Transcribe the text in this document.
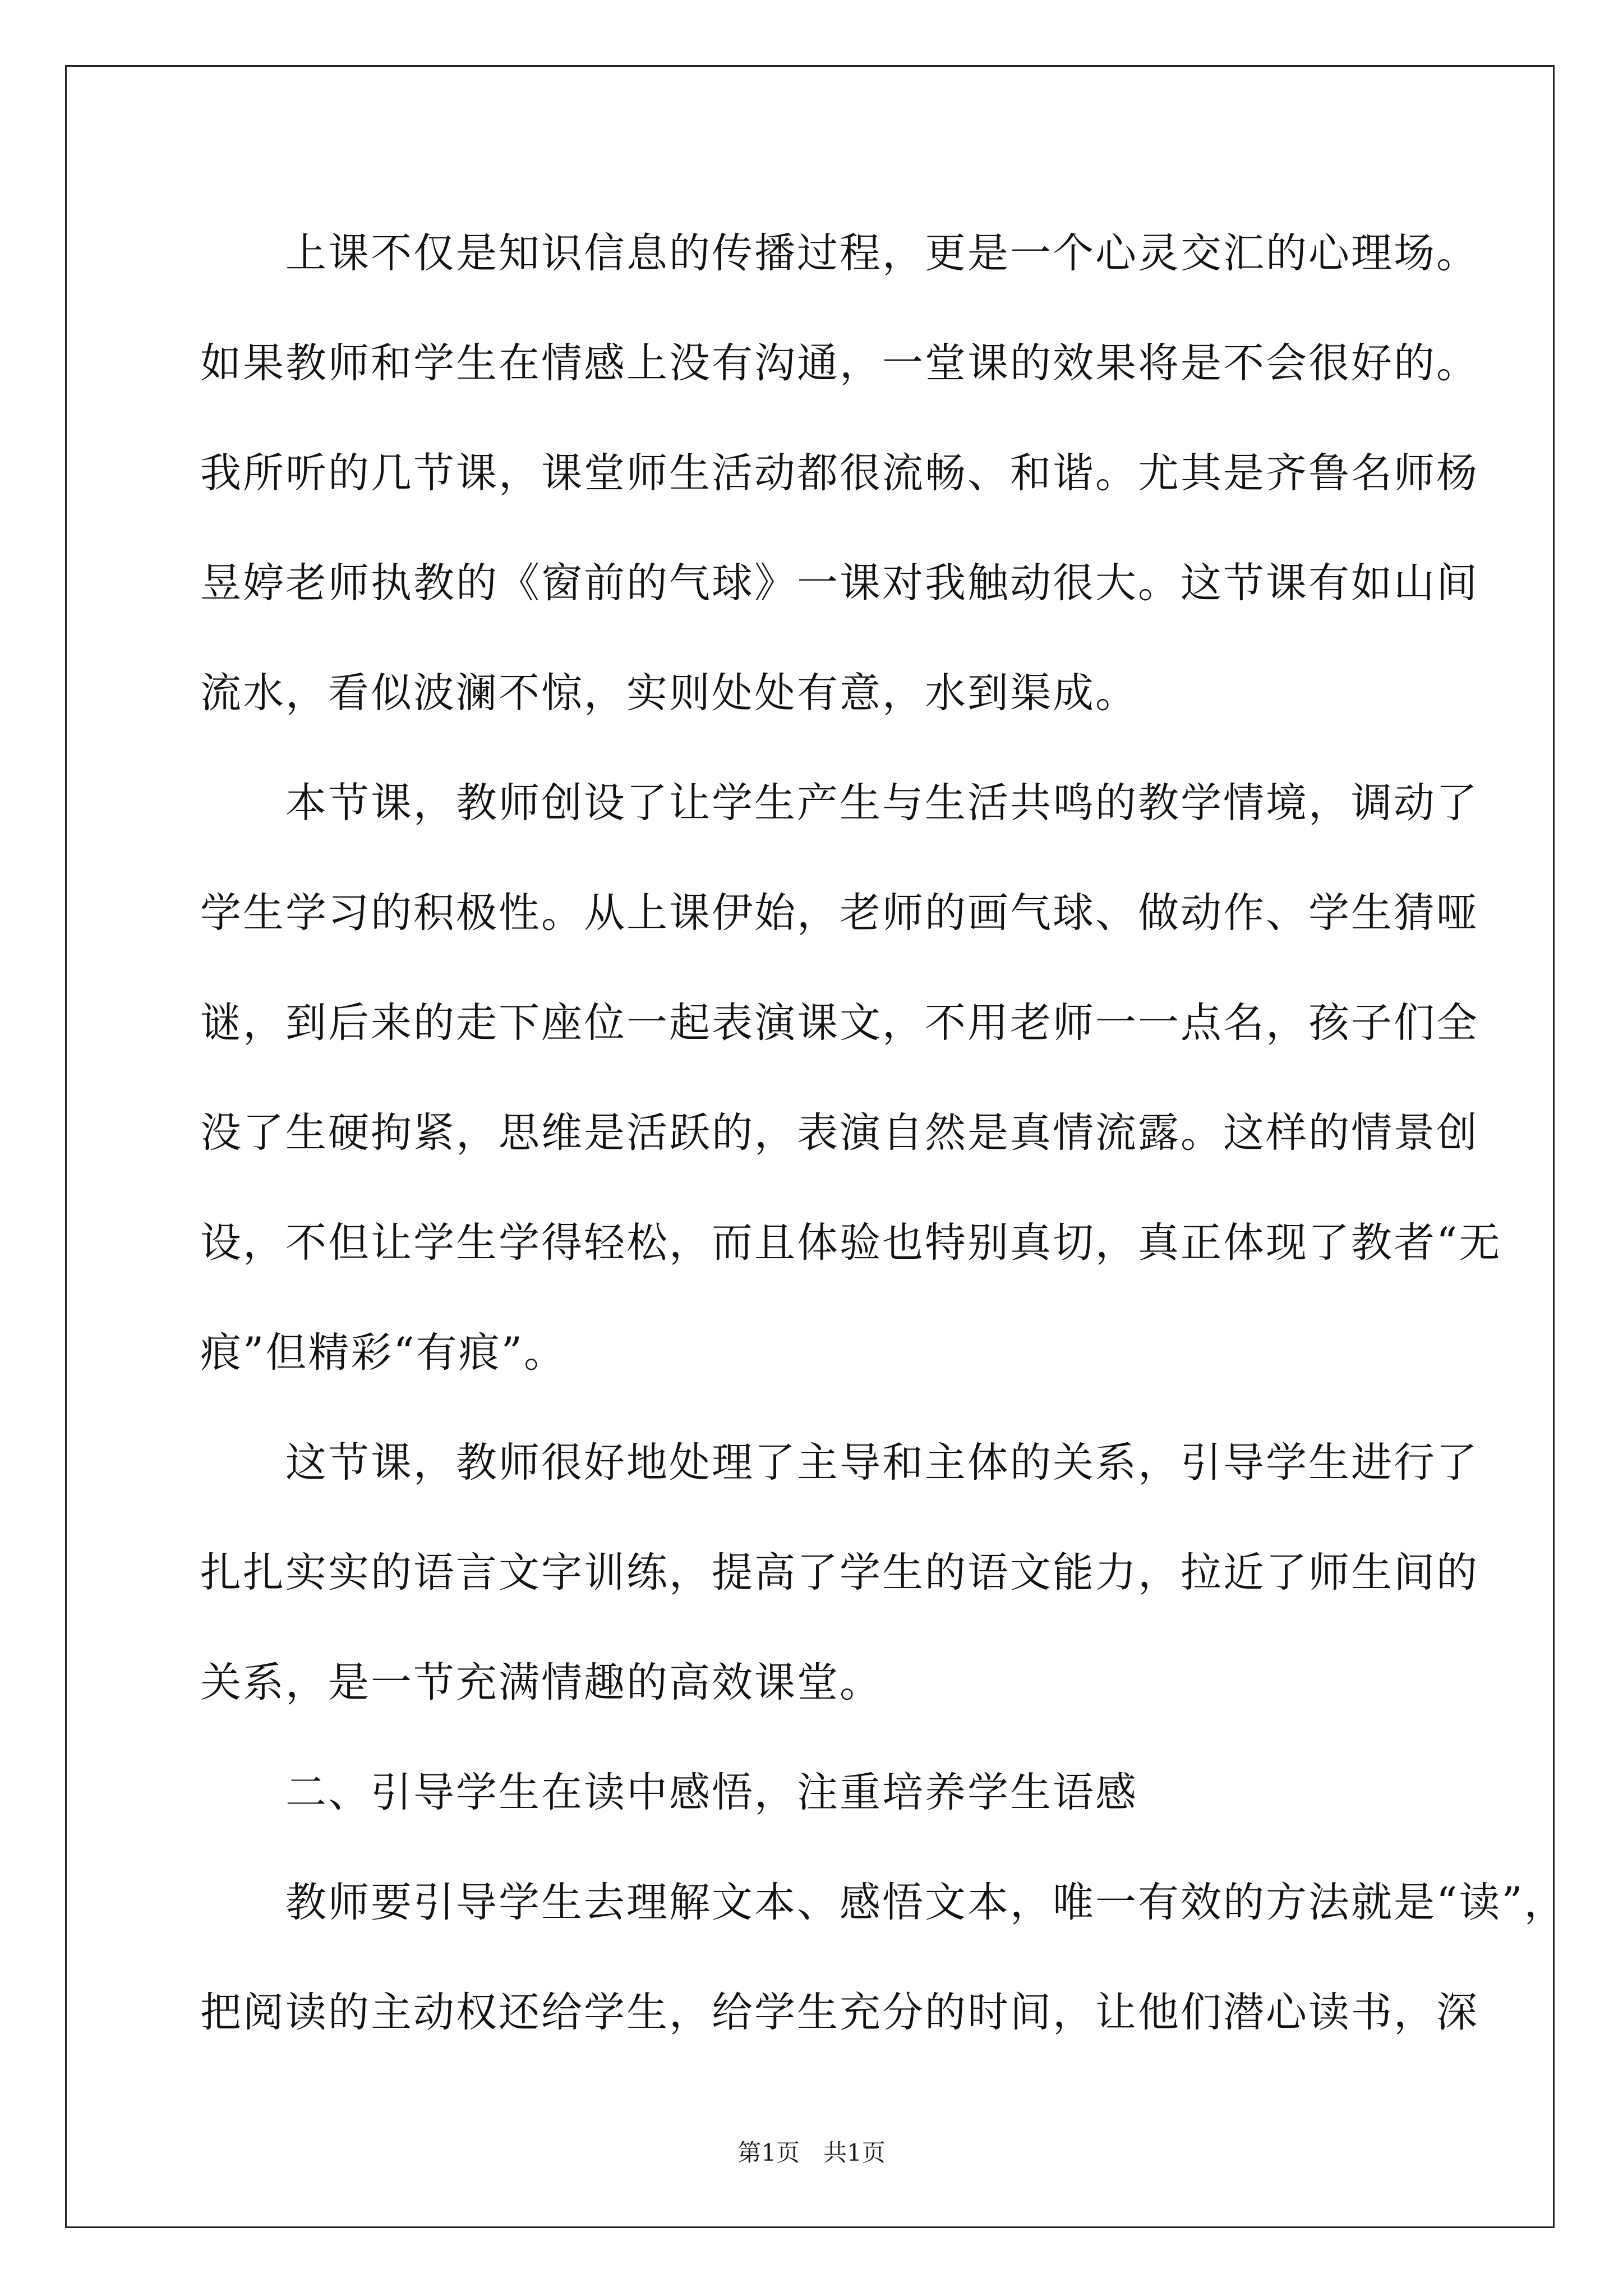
　　上课不仅是知识信息的传播过程，更是一个心灵交汇的心理场。
如果教师和学生在情感上没有沟通，一堂课的效果将是不会很好的。
我所听的几节课，课堂师生活动都很流畅、和谐。尤其是齐鲁名师杨
昱婷老师执教的《窗前的气球》一课对我触动很大。这节课有如山间
流水，看似波澜不惊，实则处处有意，水到渠成。
　　本节课，教师创设了让学生产生与生活共鸣的教学情境，调动了
学生学习的积极性。从上课伊始，老师的画气球、做动作、学生猜哑
谜，到后来的走下座位一起表演课文，不用老师一一点名，孩子们全
没了生硬拘紧，思维是活跃的，表演自然是真情流露。这样的情景创
设，不但让学生学得轻松，而且体验也特别真切，真正体现了教者“无
痕”但精彩“有痕”。
　　这节课，教师很好地处理了主导和主体的关系，引导学生进行了
扎扎实实的语言文字训练，提高了学生的语文能力，拉近了师生间的
关系，是一节充满情趣的高效课堂。
　　二、引导学生在读中感悟，注重培养学生语感
　　教师要引导学生去理解文本、感悟文本，唯一有效的方法就是“读”，
把阅读的主动权还给学生，给学生充分的时间，让他们潜心读书，深
第1页　共1页
